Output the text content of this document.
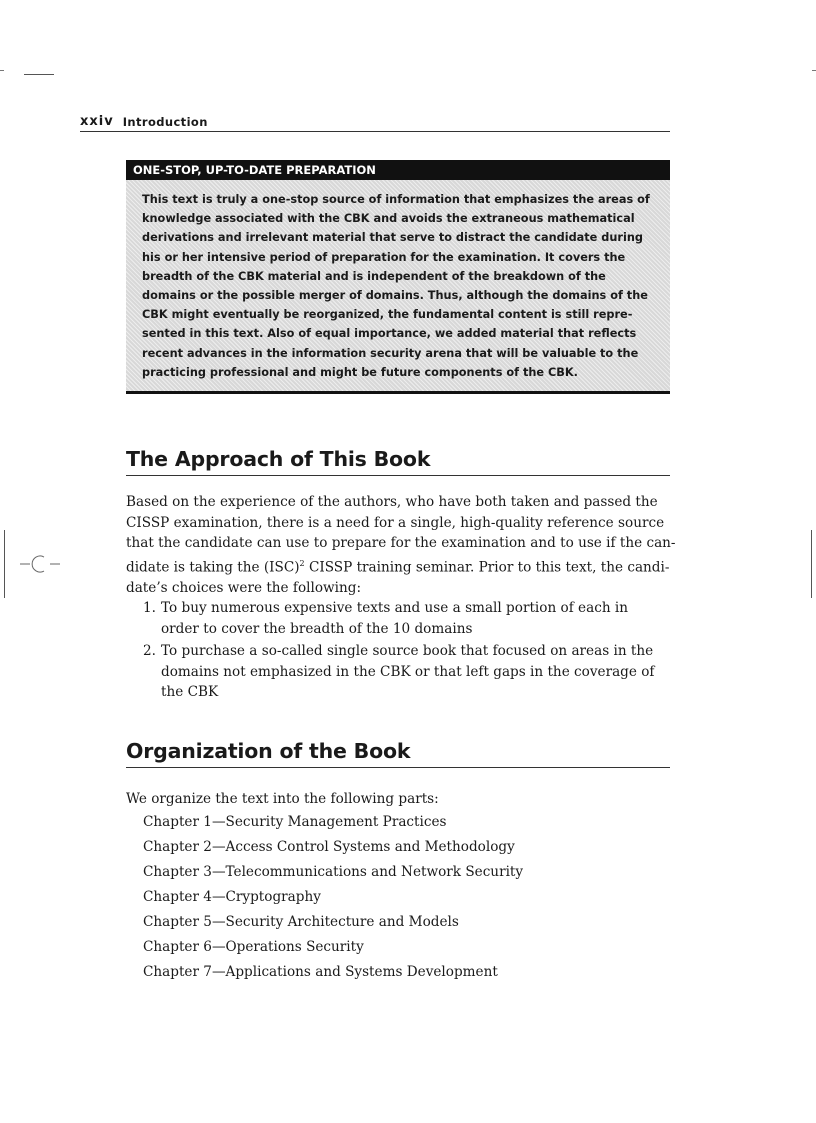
xxiv Introduction
ONE-STOP, UP-TO-DATE PREPARATION
This text is truly a one-stop source of information that emphasizes the areas of
knowledge associated with the CBK and avoids the extraneous mathematical
derivations and irrelevant material that serve to distract the candidate during
his or her intensive period of preparation for the examination. It covers the
breadth of the CBK material and is independent of the breakdown of the
domains or the possible merger of domains. Thus, although the domains of the
CBK might eventually be reorganized, the fundamental content is still repre-
sented in this text. Also of equal importance, we added material that reflects
recent advances in the information security arena that will be valuable to the
practicing professional and might be future components of the CBK.
The Approach of This Book
Based on the experience of the authors, who have both taken and passed the
CISSP examination, there is a need for a single, high-quality reference source
that the candidate can use to prepare for the examination and to use if the can-
didate is taking the (ISC)$^2$ CISSP training seminar. Prior to this text, the candi-
date’s choices were the following:
1. To buy numerous expensive texts and use a small portion of each in
order to cover the breadth of the 10 domains
2. To purchase a so-called single source book that focused on areas in the
domains not emphasized in the CBK or that left gaps in the coverage of
the CBK
Organization of the Book
We organize the text into the following parts:
Chapter 1—Security Management Practices
Chapter 2—Access Control Systems and Methodology
Chapter 3—Telecommunications and Network Security
Chapter 4—Cryptography
Chapter 5—Security Architecture and Models
Chapter 6—Operations Security
Chapter 7—Applications and Systems Development
